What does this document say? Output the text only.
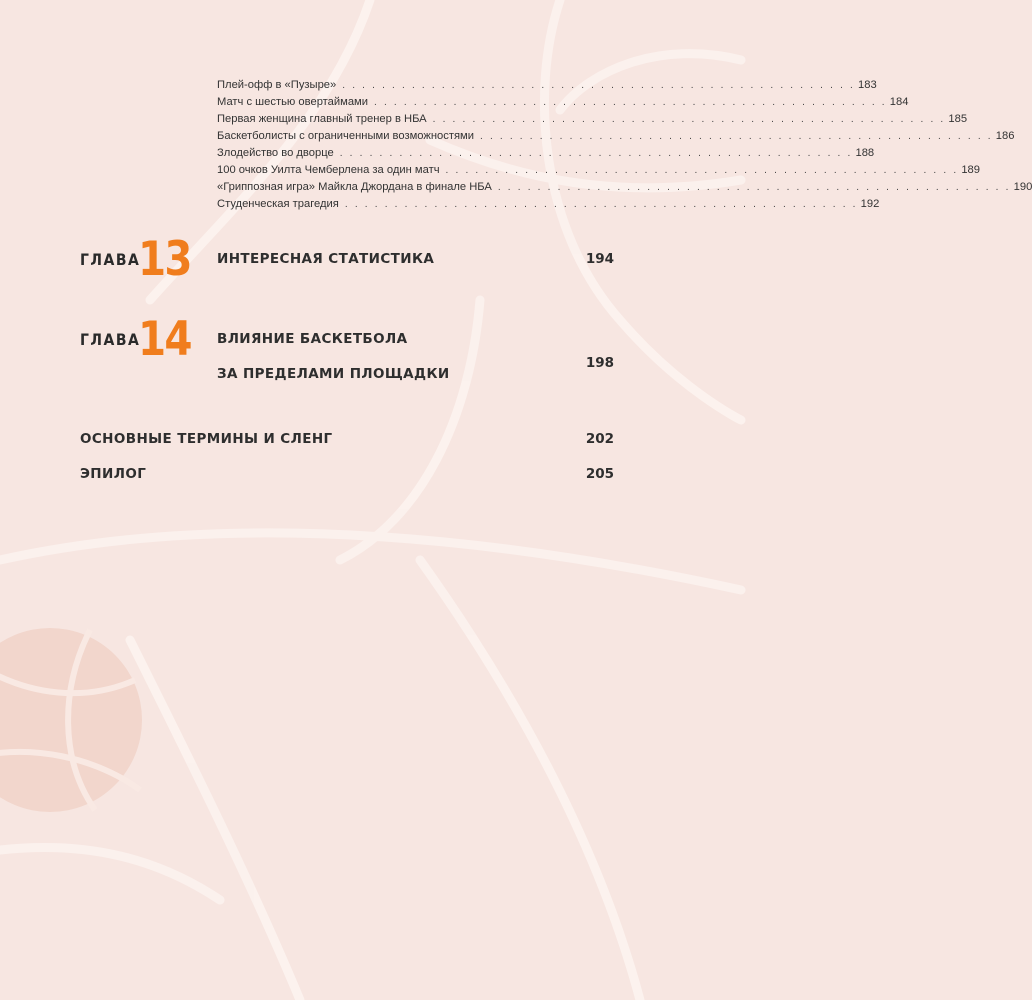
Плей-офф в «Пузыре» . . . . . . . . . . . . . . . . . . . . . . . . . . . . . . . . . . . . . . . . . . . . . . . . . . . . 183
Матч с шестью овертаймами . . . . . . . . . . . . . . . . . . . . . . . . . . . . . . . . . . . . . . . . . . . . . . . . . . . . 184
Первая женщина главный тренер в НБА . . . . . . . . . . . . . . . . . . . . . . . . . . . . . . . . . . . . . . . . . . . . . . . . . . . . 185
Баскетболисты с ограниченными возможностями . . . . . . . . . . . . . . . . . . . . . . . . . . . . . . . . . . . . . . . . . . . . . . . . . . . . 186
Злодейство во дворце . . . . . . . . . . . . . . . . . . . . . . . . . . . . . . . . . . . . . . . . . . . . . . . . . . . . 188
100 очков Уилта Чемберлена за один матч . . . . . . . . . . . . . . . . . . . . . . . . . . . . . . . . . . . . . . . . . . . . . . . . . . . . 189
«Гриппозная игра» Майкла Джордана в финале НБА . . . . . . . . . . . . . . . . . . . . . . . . . . . . . . . . . . . . . . . . . . . . . . . . . . . . 190
Студенческая трагедия . . . . . . . . . . . . . . . . . . . . . . . . . . . . . . . . . . . . . . . . . . . . . . . . . . . . 192
ГЛАВА
13 ИНТЕРЕСНАЯ СТАТИСТИКА	194
ГЛАВА
14 ВЛИЯНИЕ БАСКЕТБОЛА
ЗА ПРЕДЕЛАМИ ПЛОЩАДКИ
198
ОСНОВНЫЕ ТЕРМИНЫ И СЛЕНГ	202
ЭПИЛОГ	205
